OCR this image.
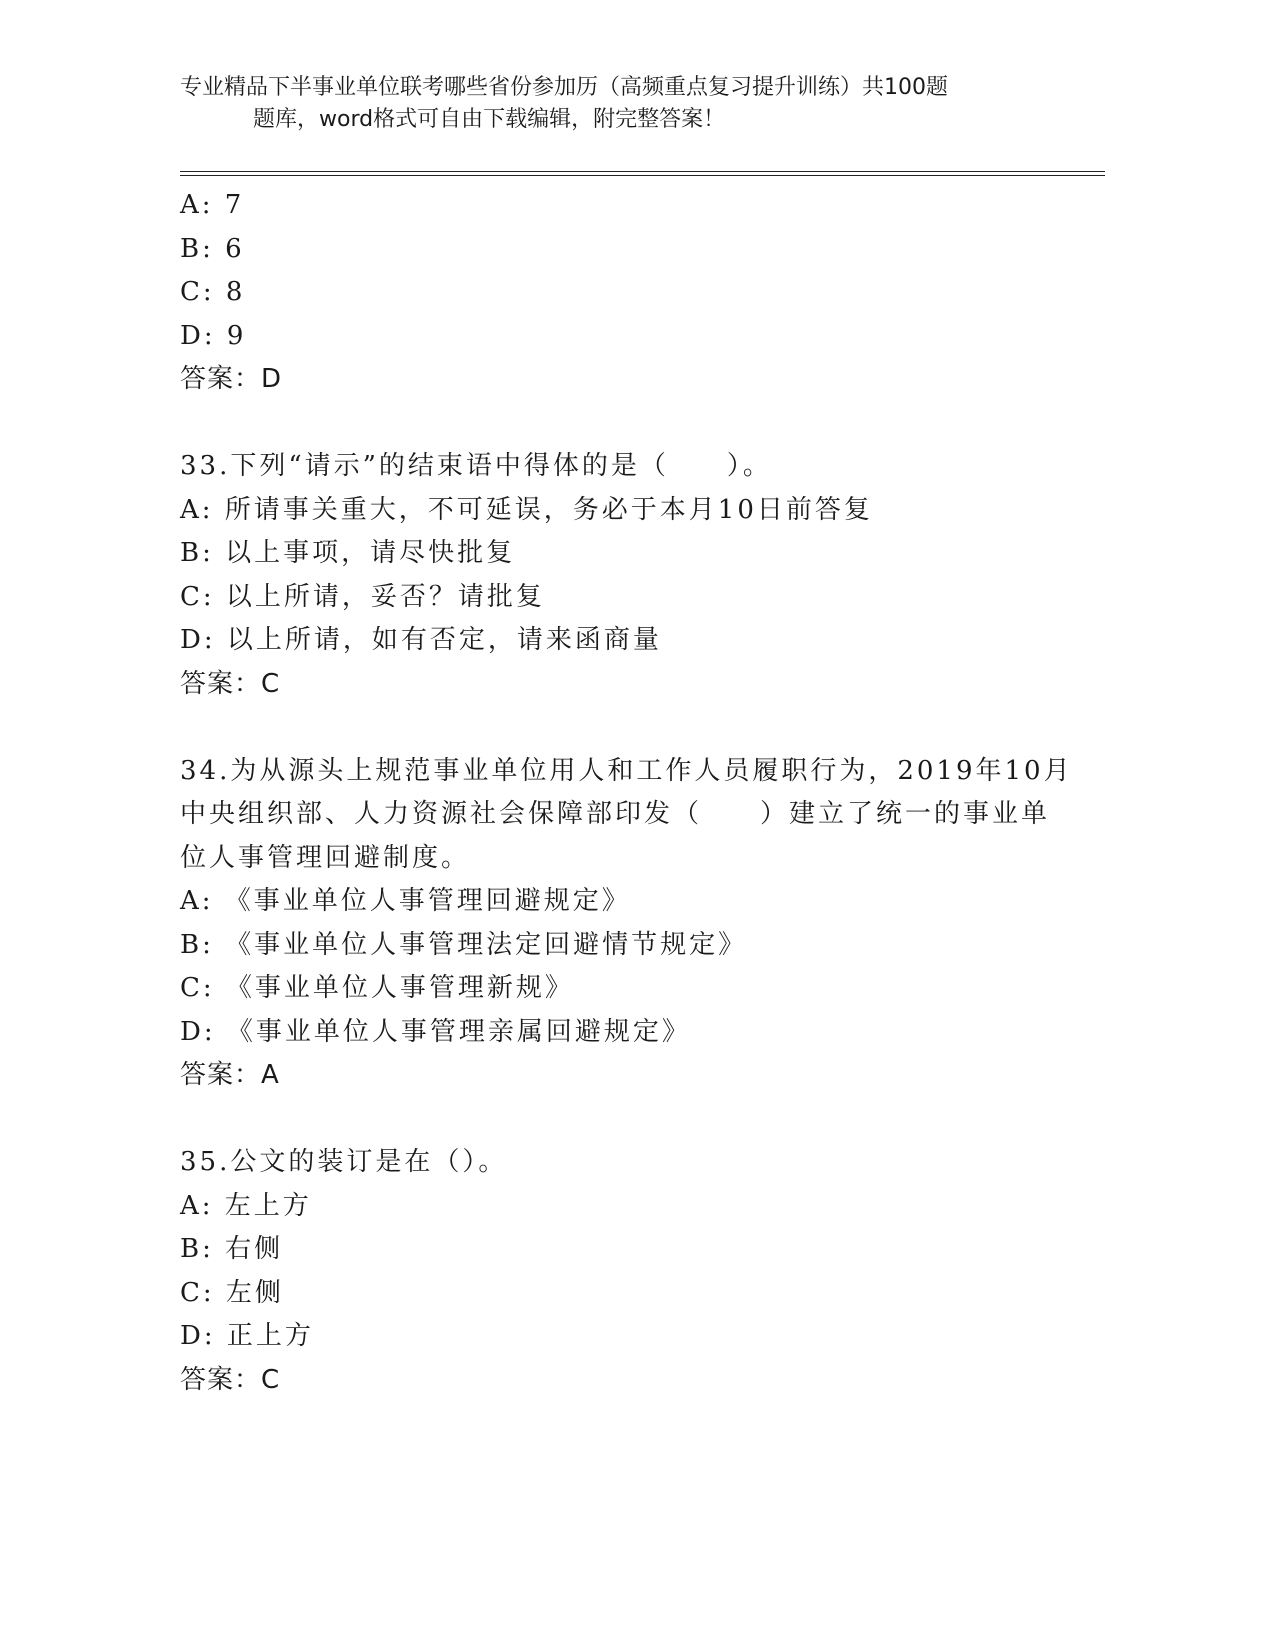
专业精品下半事业单位联考哪些省份参加历（高频重点复习提升训练）共100题
题库，word格式可自由下载编辑，附完整答案！
A: 7
B: 6
C: 8
D: 9
答案：D
33.下列“请示”的结束语中得体的是（　　）。
A: 所请事关重大，不可延误，务必于本月10日前答复
B: 以上事项，请尽快批复
C: 以上所请，妥否？请批复
D: 以上所请，如有否定，请来函商量
答案：C
34.为从源头上规范事业单位用人和工作人员履职行为，2019年10月
中央组织部、人力资源社会保障部印发（　　）建立了统一的事业单
位人事管理回避制度。
A: 《事业单位人事管理回避规定》
B: 《事业单位人事管理法定回避情节规定》
C: 《事业单位人事管理新规》
D: 《事业单位人事管理亲属回避规定》
答案：A
35.公文的装订是在（）。
A: 左上方
B: 右侧
C: 左侧
D: 正上方
答案：C
